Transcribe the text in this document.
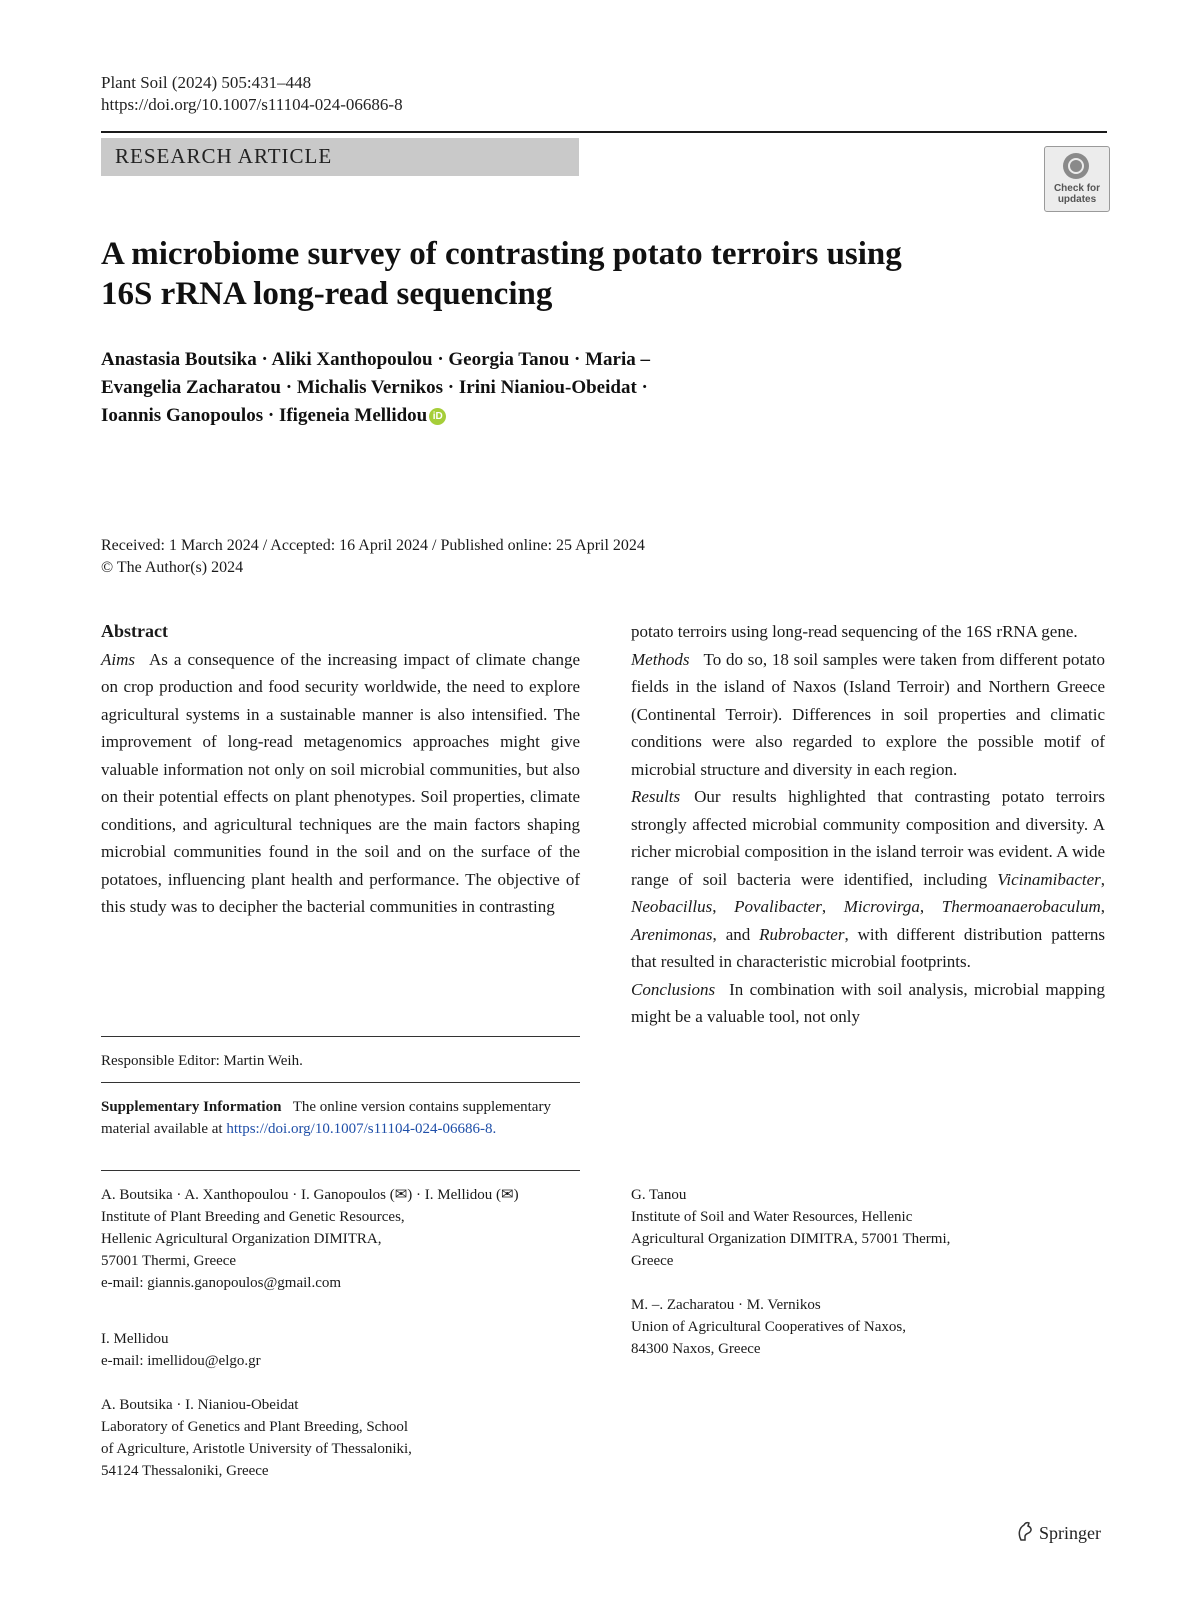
Plant Soil (2024) 505:431–448
https://doi.org/10.1007/s11104-024-06686-8
RESEARCH ARTICLE
Check for
updates
A microbiome survey of contrasting potato terroirs using
16S rRNA long-read sequencing
Anastasia Boutsika · Aliki Xanthopoulou · Georgia Tanou · Maria –
Evangelia Zacharatou · Michalis Vernikos · Irini Nianiou-Obeidat ·
Ioannis Ganopoulos · Ifigeneia Mellidou iD
Received: 1 March 2024 / Accepted: 16 April 2024 / Published online: 25 April 2024
© The Author(s) 2024

Abstract

Aims As a consequence of the increasing impact of climate change on crop production and food security worldwide, the need to explore agricultural systems in a sustainable manner is also intensified. The improvement of long-read metagenomics approaches might give valuable information not only on soil microbial communities, but also on their potential effects on plant phenotypes. Soil properties, climate conditions, and agricultural techniques are the main factors shaping microbial communities found in the soil and on the surface of the potatoes, influencing plant health and performance. The objective of this study was to decipher the bacterial communities in contrasting

potato terroirs using long-read sequencing of the 16S rRNA gene.

Methods To do so, 18 soil samples were taken from different potato fields in the island of Naxos (Island Terroir) and Northern Greece (Continental Terroir). Differences in soil properties and climatic conditions were also regarded to explore the possible motif of microbial structure and diversity in each region.

Results Our results highlighted that contrasting potato terroirs strongly affected microbial community composition and diversity. A richer microbial composition in the island terroir was evident. A wide range of soil bacteria were identified, including Vicinamibacter, Neobacillus, Povalibacter, Microvirga, Thermoanaerobaculum, Arenimonas, and Rubrobacter, with different distribution patterns that resulted in characteristic microbial footprints.

Conclusions In combination with soil analysis, microbial mapping might be a valuable tool, not only

Responsible Editor: Martin Weih.
Supplementary Information The online version contains supplementary material available at https://doi.org/10.1007/s11104-024-06686-8.
A. Boutsika · A. Xanthopoulou · I. Ganopoulos (✉) · I. Mellidou (✉)
Institute of Plant Breeding and Genetic Resources,
Hellenic Agricultural Organization DIMITRA,
57001 Thermi, Greece
e-mail: giannis.ganopoulos@gmail.com
I. Mellidou
e-mail: imellidou@elgo.gr
A. Boutsika · I. Nianiou-Obeidat
Laboratory of Genetics and Plant Breeding, School
of Agriculture, Aristotle University of Thessaloniki,
54124 Thessaloniki, Greece
G. Tanou
Institute of Soil and Water Resources, Hellenic
Agricultural Organization DIMITRA, 57001 Thermi,
Greece
M. –. Zacharatou · M. Vernikos
Union of Agricultural Cooperatives of Naxos,
84300 Naxos, Greece
Springer
